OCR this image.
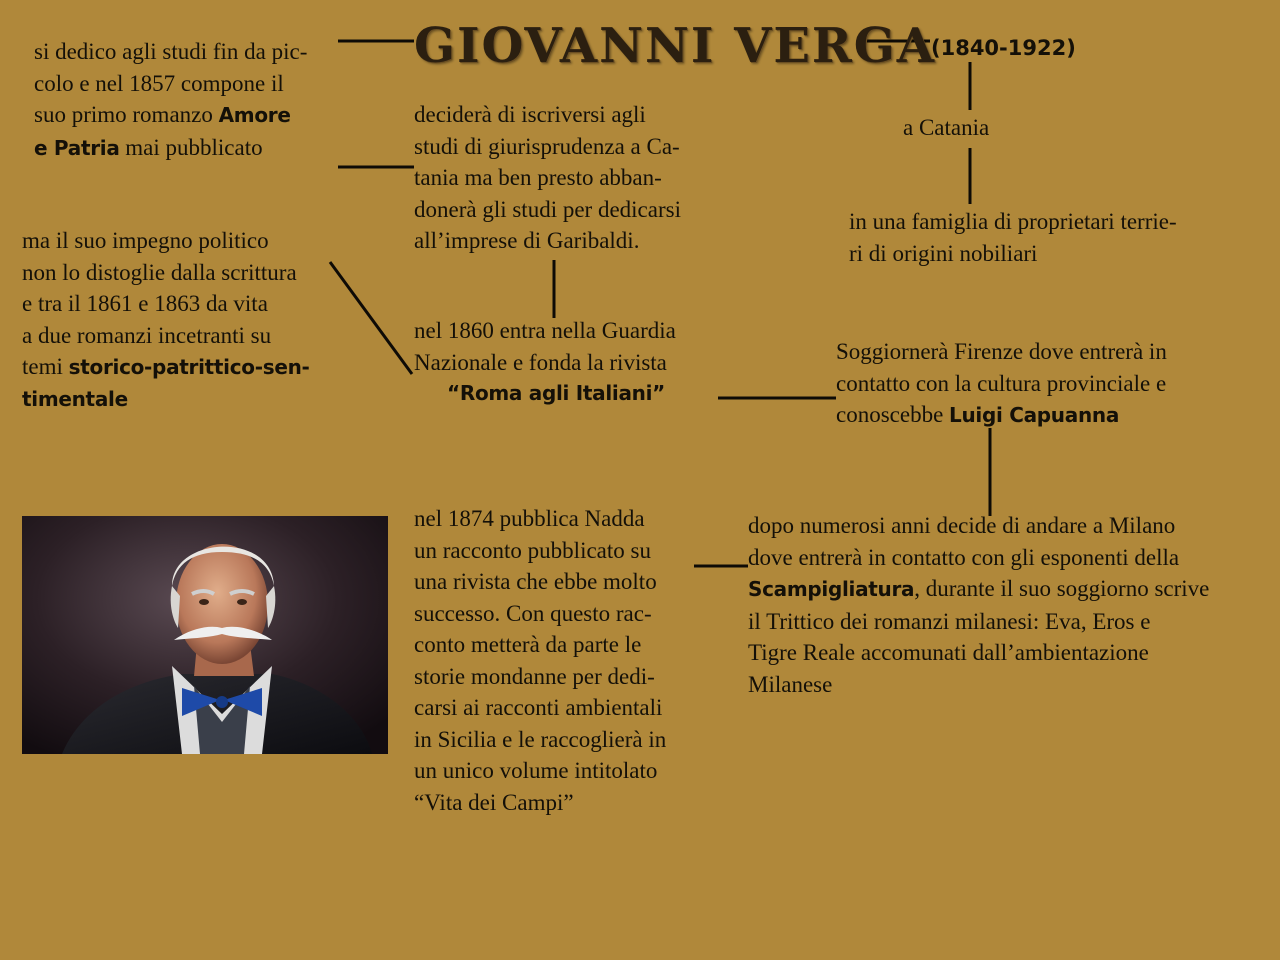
GIOVANNI VERGA
(1840-1922)

a Catania

in una famiglia di proprietari terrie-
ri di origini nobiliari
si dedico agli studi fin da pic-
colo e nel 1857 compone il
suo primo romanzo Amore
e Patria mai pubblicato
deciderà di iscriversi agli
studi di giurisprudenza a Ca-
tania ma ben presto abban-
donerà gli studi per dedicarsi
all’imprese di Garibaldi.
ma il suo impegno politico
non lo distoglie dalla scrittura
e tra il 1861 e 1863 da vita
a due romanzi incetranti su
temi storico-patrittico-sen-
timentale
nel 1860 entra nella Guardia
Nazionale e fonda la rivista
“Roma agli Italiani”
Soggiornerà Firenze dove entrerà in
contatto con la cultura provinciale e
conoscebbe Luigi Capuanna
nel 1874 pubblica Nadda
un racconto pubblicato su
una rivista che ebbe molto
successo. Con questo rac-
conto metterà da parte le
storie mondanne per dedi-
carsi ai racconti ambientali
in Sicilia e le raccoglierà in
un unico volume intitolato
“Vita dei Campi”
dopo numerosi anni decide di andare a Milano
dove entrerà in contatto con gli esponenti della
Scampigliatura, durante il suo soggiorno scrive
il Trittico dei romanzi milanesi: Eva, Eros e
Tigre Reale accomunati dall’ambientazione
Milanese
